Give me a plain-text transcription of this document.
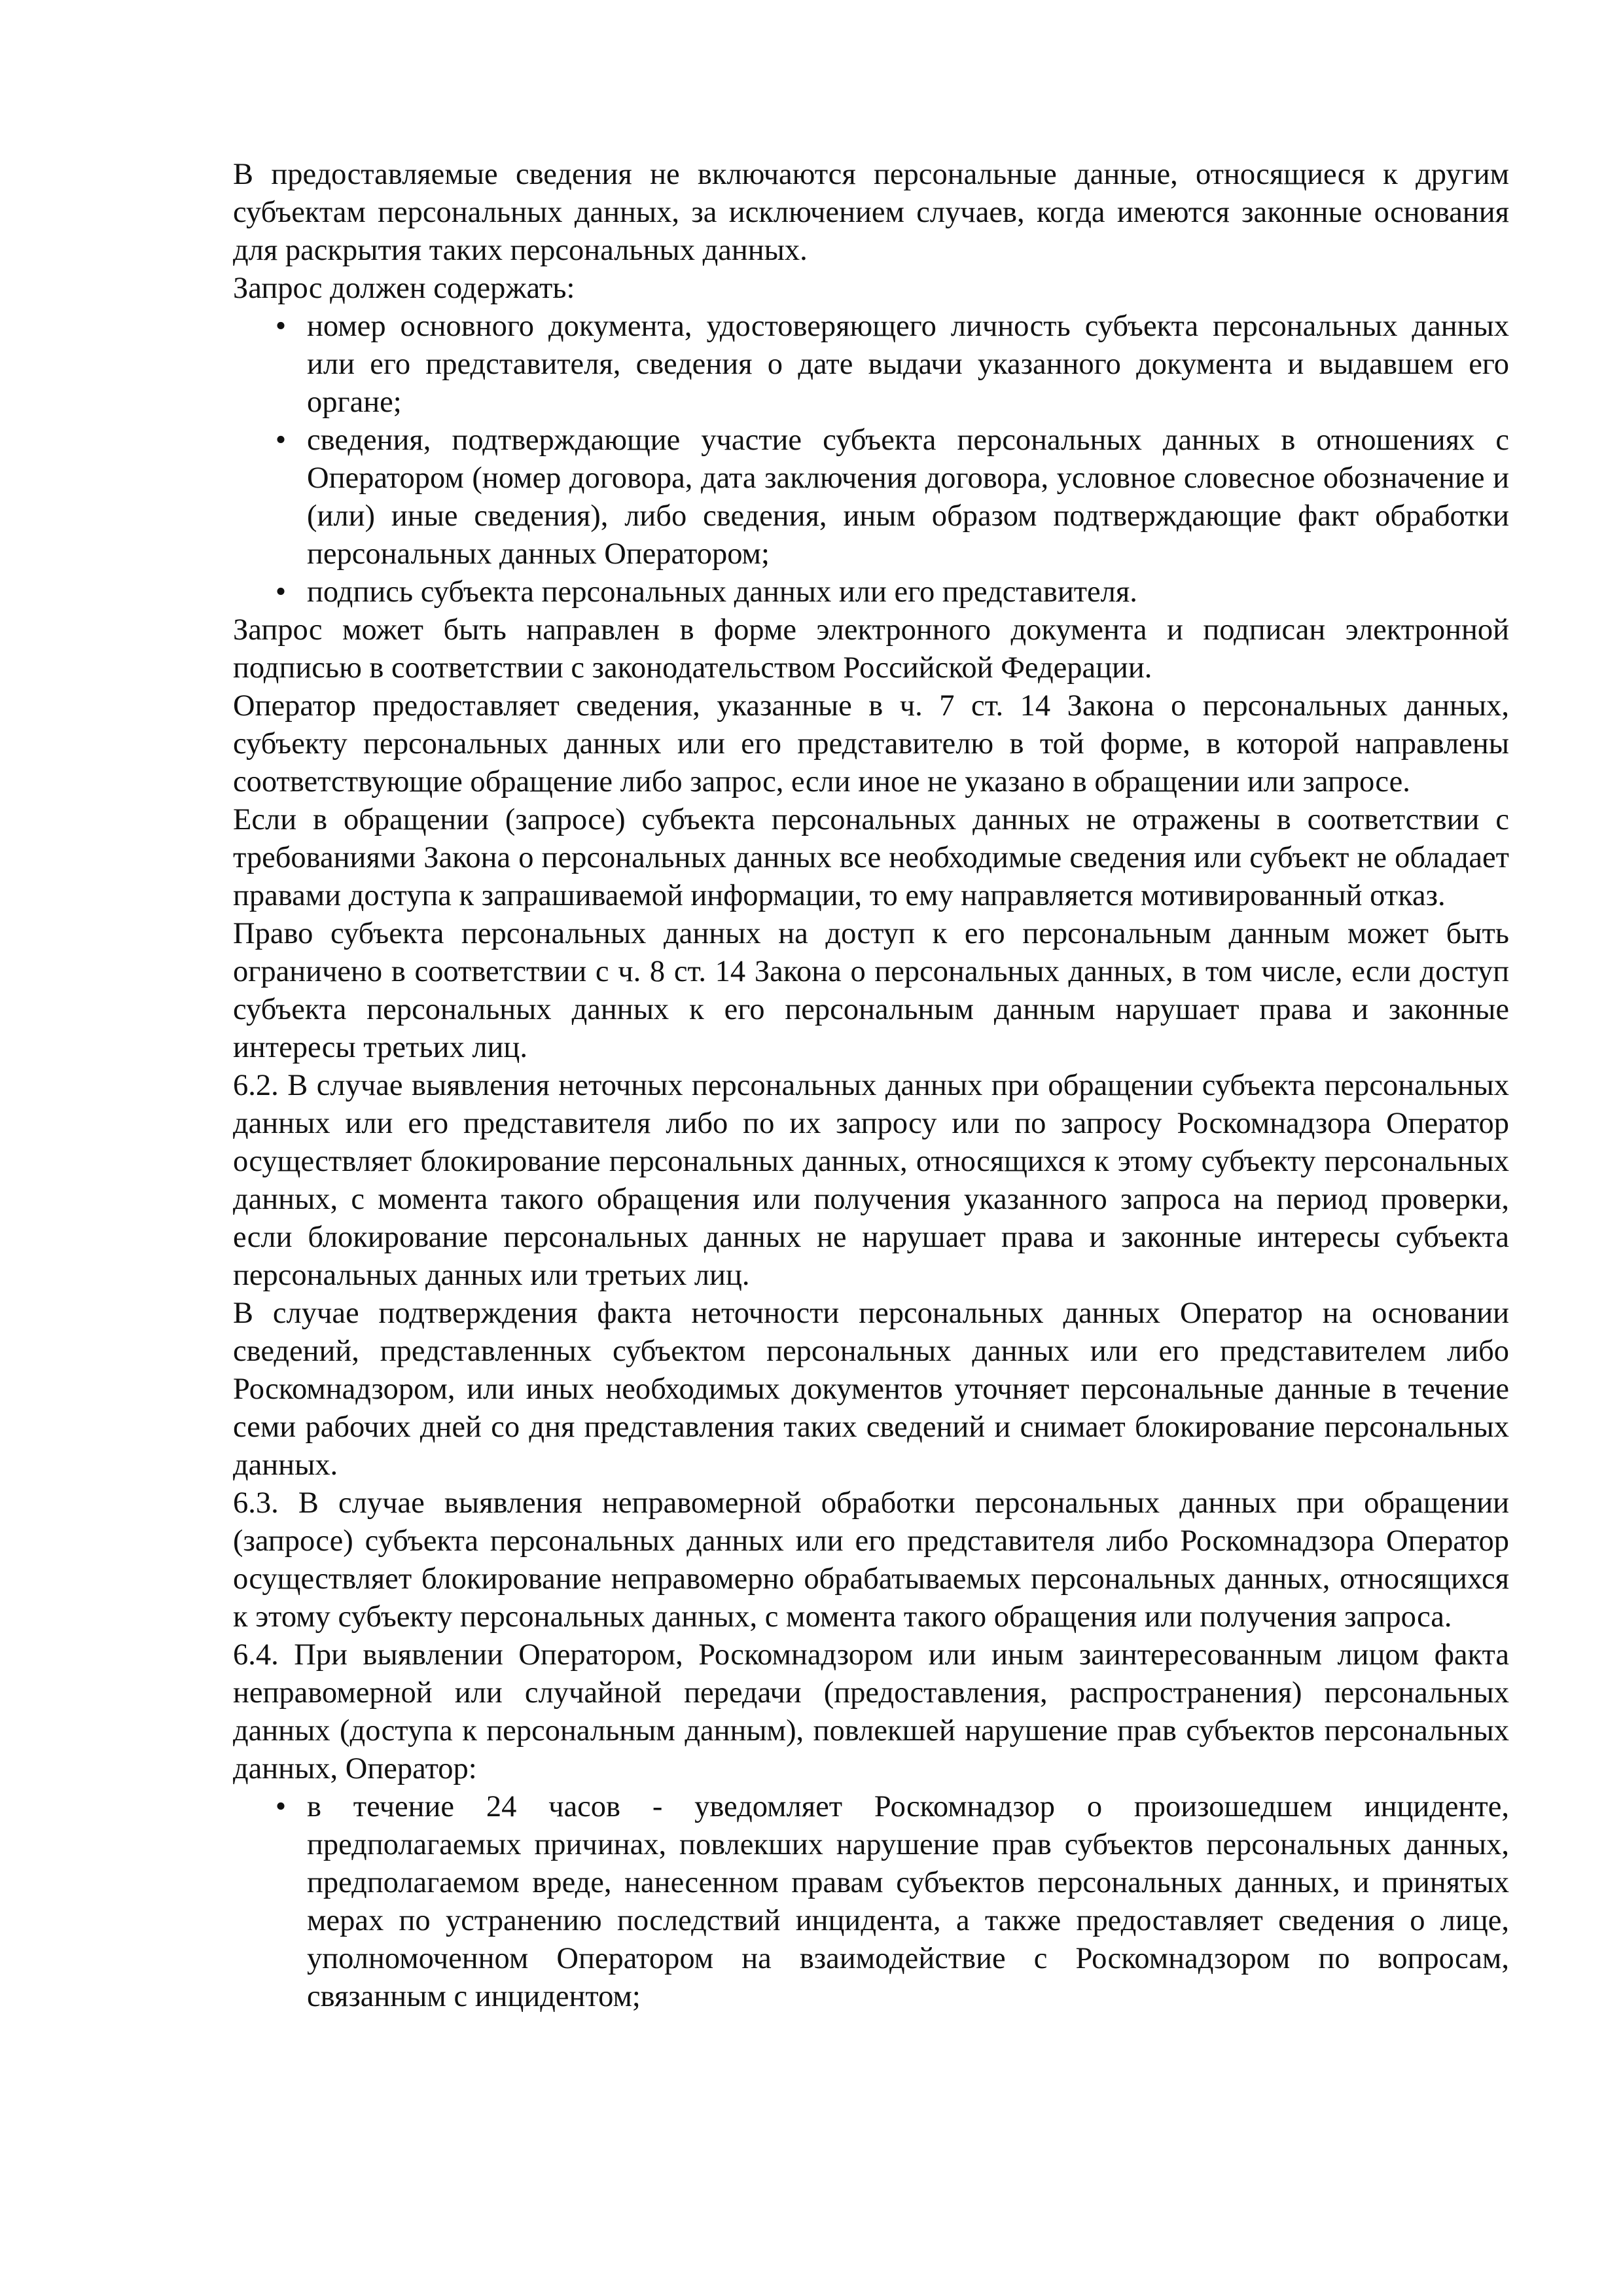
В предоставляемые сведения не включаются персональные данные, относящиеся к другим субъектам персональных данных, за исключением случаев, когда имеются законные основания для раскрытия таких персональных данных.

Запрос должен содержать:

• номер основного документа, удостоверяющего личность субъекта персональных данных или его представителя, сведения о дате выдачи указанного документа и выдавшем его органе;
• сведения, подтверждающие участие субъекта персональных данных в отношениях с Оператором (номер договора, дата заключения договора, условное словесное обозначение и (или) иные сведения), либо сведения, иным образом подтверждающие факт обработки персональных данных Оператором;
• подпись субъекта персональных данных или его представителя.

Запрос может быть направлен в форме электронного документа и подписан электронной подписью в соответствии с законодательством Российской Федерации.

Оператор предоставляет сведения, указанные в ч. 7 ст. 14 Закона о персональных данных, субъекту персональных данных или его представителю в той форме, в которой направлены соответствующие обращение либо запрос, если иное не указано в обращении или запросе.

Если в обращении (запросе) субъекта персональных данных не отражены в соответствии с требованиями Закона о персональных данных все необходимые сведения или субъект не обладает правами доступа к запрашиваемой информации, то ему направляется мотивированный отказ.

Право субъекта персональных данных на доступ к его персональным данным может быть ограничено в соответствии с ч. 8 ст. 14 Закона о персональных данных, в том числе, если доступ субъекта персональных данных к его персональным данным нарушает права и законные интересы третьих лиц.

6.2. В случае выявления неточных персональных данных при обращении субъекта персональных данных или его представителя либо по их запросу или по запросу Роскомнадзора Оператор осуществляет блокирование персональных данных, относящихся к этому субъекту персональных данных, с момента такого обращения или получения указанного запроса на период проверки, если блокирование персональных данных не нарушает права и законные интересы субъекта персональных данных или третьих лиц.

В случае подтверждения факта неточности персональных данных Оператор на основании сведений, представленных субъектом персональных данных или его представителем либо Роскомнадзором, или иных необходимых документов уточняет персональные данные в течение семи рабочих дней со дня представления таких сведений и снимает блокирование персональных данных.

6.3. В случае выявления неправомерной обработки персональных данных при обращении (запросе) субъекта персональных данных или его представителя либо Роскомнадзора Оператор осуществляет блокирование неправомерно обрабатываемых персональных данных, относящихся к этому субъекту персональных данных, с момента такого обращения или получения запроса.

6.4. При выявлении Оператором, Роскомнадзором или иным заинтересованным лицом факта неправомерной или случайной передачи (предоставления, распространения) персональных данных (доступа к персональным данным), повлекшей нарушение прав субъектов персональных данных, Оператор:

• в течение 24 часов - уведомляет Роскомнадзор о произошедшем инциденте, предполагаемых причинах, повлекших нарушение прав субъектов персональных данных, предполагаемом вреде, нанесенном правам субъектов персональных данных, и принятых мерах по устранению последствий инцидента, а также предоставляет сведения о лице, уполномоченном Оператором на взаимодействие с Роскомнадзором по вопросам, связанным с инцидентом;
